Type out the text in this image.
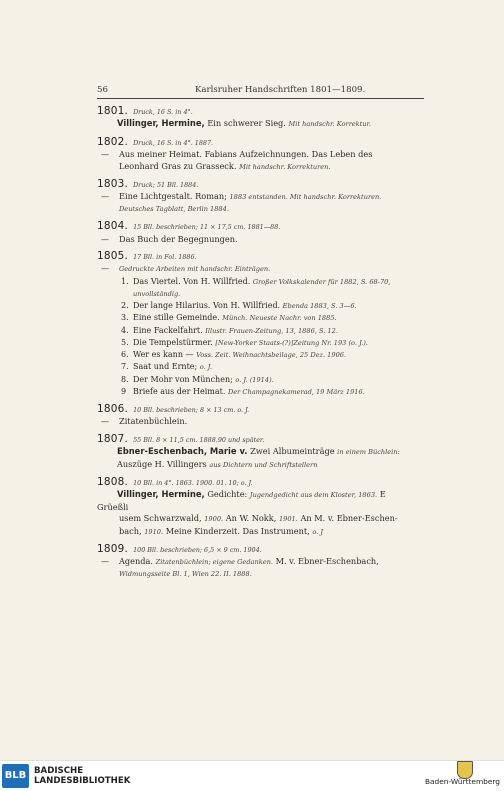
56	Karlsruher Handschriften 1801—1809.
1801. Druck, 16 S. in 4°.
Villinger, Hermine, Ein schwerer Sieg. Mit handschr. Korrektur.
1802. Druck, 16 S. in 4°. 1887.
— Aus meiner Heimat. Fabians Aufzeichnungen. Das Leben des
Leonhard Gras zu Grasseck. Mit handschr. Korrekturen.
1803. Druck; 51 Bll. 1884.
— Eine Lichtgestalt. Roman; 1883 entstanden. Mit handschr. Korrekturen.
Deutsches Tagblatt, Berlin 1884.
1804. 15 Bll. beschrieben; 11 × 17,5 cm. 1881—88.
— Das Buch der Begegnungen.
1805. 17 Bll. in Fol. 1886.
— Gedruckte Arbeiten mit handschr. Einträgen.
1. Das Viertel. Von H. Willfried. Großer Volkskalender für 1882, S. 68-70,
unvollständig.
2. Der lange Hilarius. Von H. Willfried. Ebenda 1883, S. 3—6.
3. Eine stille Gemeinde. Münch. Neueste Nachr. von 1885.
4. Eine Fackelfahrt. Illustr. Frauen-Zeitung, 13, 1886, S. 12.
5. Die Tempelstürmer. [New-Yorker Staats-(?)]Zeitung Nr. 193 (o. J.).
6. Wer es kann — Voss. Zeit. Weihnachtsbeilage, 25 Dez. 1906.
7. Saat und Ernte; o. J.
8. Der Mohr von München; o. J. (1914).
9 Briefe aus der Heimat. Der Champagnekamerad, 19 März 1916.
1806. 10 Bll. beschrieben; 8 × 13 cm. o. J.
— Zitatenbüchlein.
1807. 55 Bll. 8 × 11,5 cm. 1888.90 und später.
Ebner-Eschenbach, Marie v. Zwei Albumeinträge in einem Büchlein:
Auszüge H. Villingers aus Dichtern und Schriftstellern
1808. 10 Bll. in 4°. 1863. 1900. 01. 10; o. J.
Villinger, Hermine, Gedichte: Jugendgedicht aus dem Kloster, 1863. E Grüeßli
usem Schwarzwald, 1900. An W. Nokk, 1901. An M. v. Ebner-Eschen-
bach, 1910. Meine Kinderzeit. Das Instrument, o. J
1809. 100 Bll. beschrieben; 6,5 × 9 cm. 1904.
— Agenda. Zitatenbüchlein; eigene Gedanken. M. v. Ebner-Eschenbach,
Widmungsseite Bl. 1, Wien 22. II. 1888.
BLB BADISCHE
LANDESBIBLIOTHEK	Baden-Württemberg
